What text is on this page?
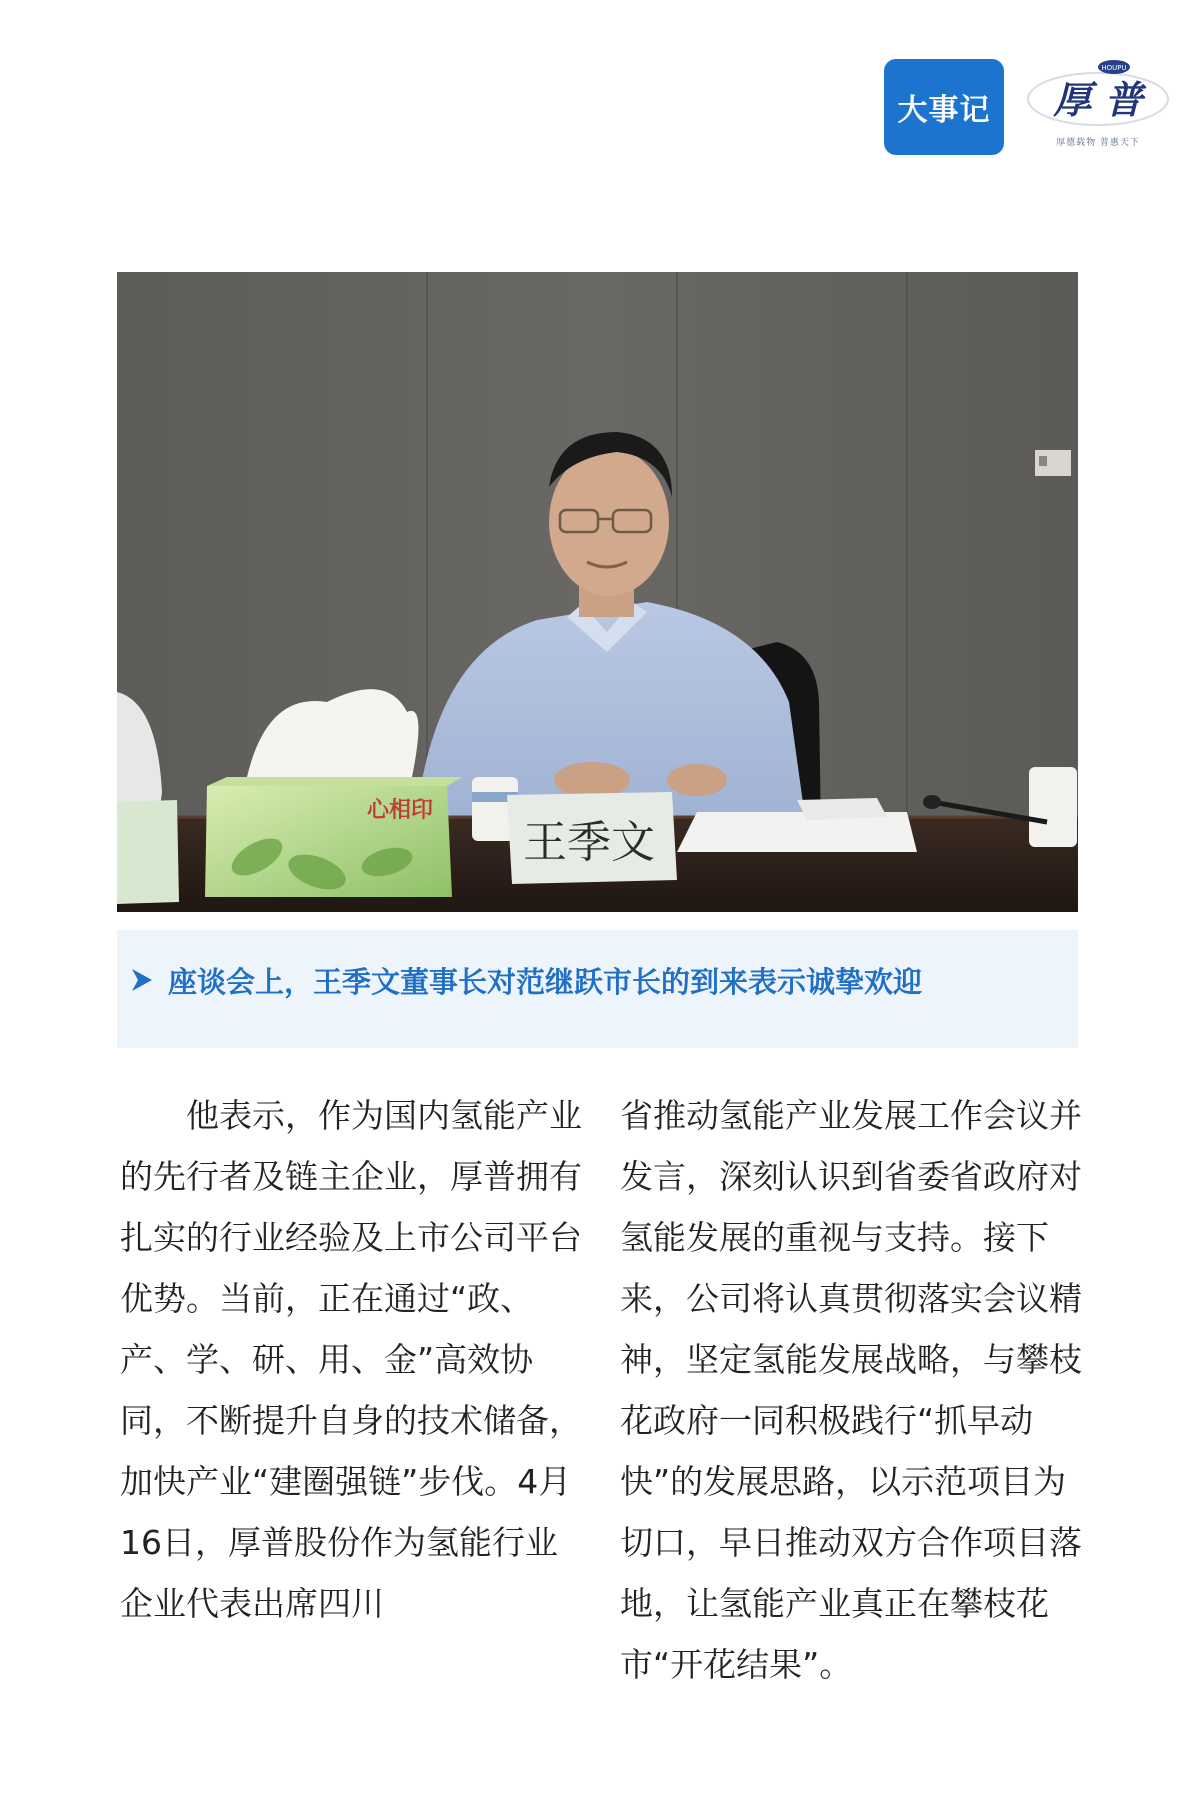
大事记
HOUPU
厚 普
厚德载物 普惠天下
心相印
王季文
座谈会上，王季文董事长对范继跃市长的到来表示诚挚欢迎

他表示，作为国内氢能产业的先行者及链主企业，厚普拥有扎实的行业经验及上市公司平台优势。当前，正在通过“政、产、学、研、用、金”高效协同，不断提升自身的技术储备，加快产业“建圈强链”步伐。4月16日，厚普股份作为氢能行业企业代表出席四川

省推动氢能产业发展工作会议并发言，深刻认识到省委省政府对氢能发展的重视与支持。接下来，公司将认真贯彻落实会议精神，坚定氢能发展战略，与攀枝花政府一同积极践行“抓早动快”的发展思路，以示范项目为切口，早日推动双方合作项目落地，让氢能产业真正在攀枝花市“开花结果”。
